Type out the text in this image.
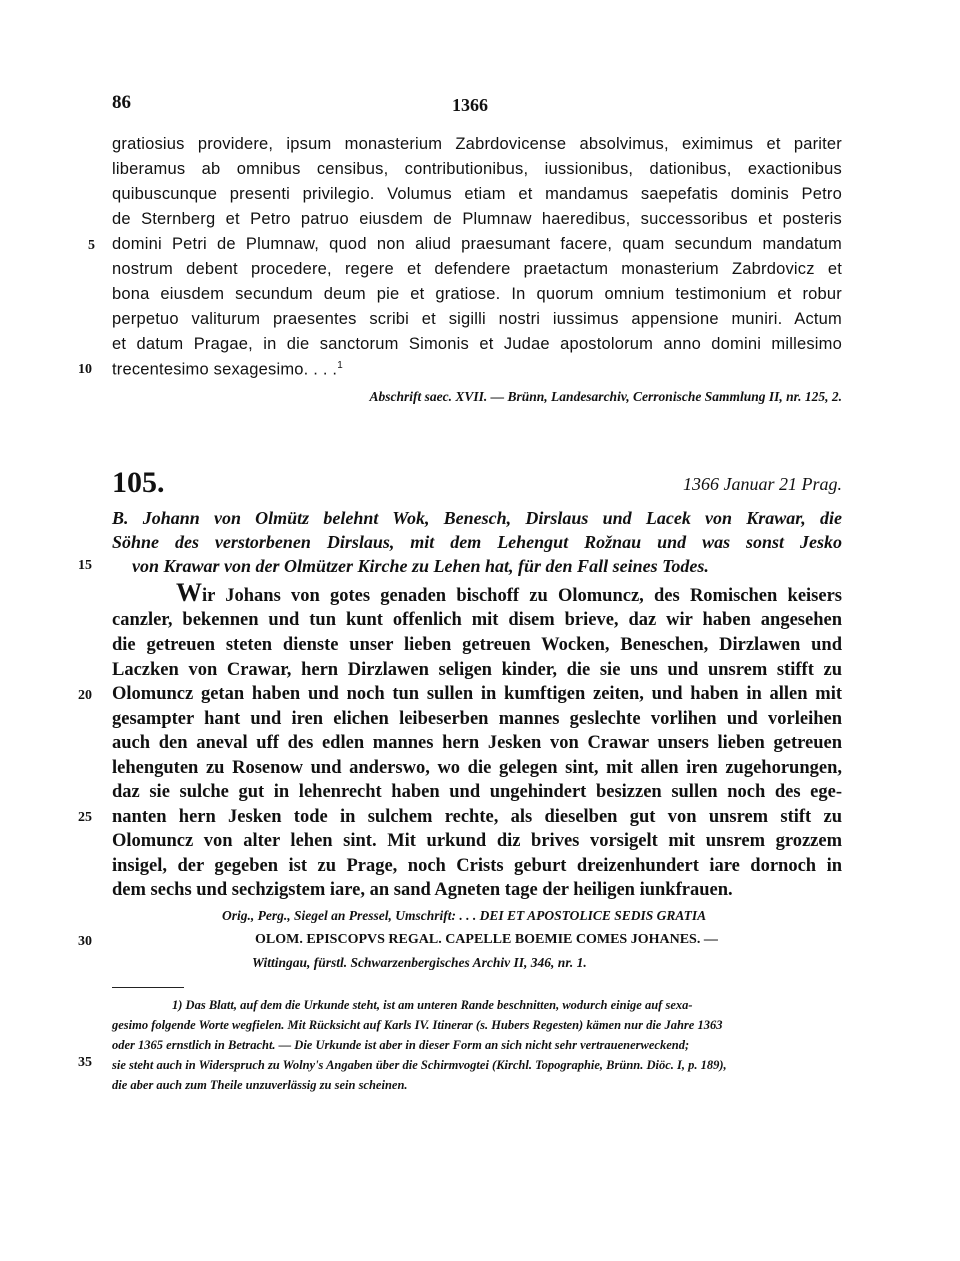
86	1366
gratiosius providere, ipsum monasterium Zabrdovicense absolvimus, eximimus et pariter
liberamus ab omnibus censibus, contributionibus, iussionibus, dationibus, exactionibus
quibuscunque presenti privilegio. Volumus etiam et mandamus saepefatis dominis Petro
de Sternberg et Petro patruo eiusdem de Plumnaw haeredibus, successoribus et posteris
domini Petri de Plumnaw, quod non aliud praesumant facere, quam secundum mandatum
nostrum debent procedere, regere et defendere praetactum monasterium Zabrdovicz et
bona eiusdem secundum deum pie et gratiose. In quorum omnium testimonium et robur
perpetuo valiturum praesentes scribi et sigilli nostri iussimus appensione muniri. Actum
et datum Pragae, in die sanctorum Simonis et Judae apostolorum anno domini millesimo
trecentesimo sexagesimo. . . .$^1$
Abschrift saec. XVII. — Brünn, Landesarchiv, Cerronische Sammlung II, nr. 125, 2.
105.	1366 Januar 21 Prag.
B. Johann von Olmütz belehnt Wok, Benesch, Dirslaus und Lacek von Krawar, die
Söhne des verstorbenen Dirslaus, mit dem Lehengut Rožnau und was sonst Jesko
von Krawar von der Olmützer Kirche zu Lehen hat, für den Fall seines Todes.
Wir Johans von gotes genaden bischoff zu Olomuncz, des Romischen keisers
canzler, bekennen und tun kunt offenlich mit disem brieve, daz wir haben angesehen
die getreuen steten dienste unser lieben getreuen Wocken, Beneschen, Dirzlawen und
Laczken von Crawar, hern Dirzlawen seligen kinder, die sie uns und unsrem stifft zu
Olomuncz getan haben und noch tun sullen in kumftigen zeiten, und haben in allen mit
gesampter hant und iren elichen leibeserben mannes geslechte vorlihen und vorleihen
auch den aneval uff des edlen mannes hern Jesken von Crawar unsers lieben getreuen
lehenguten zu Rosenow und anderswo, wo die gelegen sint, mit allen iren zugehorungen,
daz sie sulche gut in lehenrecht haben und ungehindert besizzen sullen noch des ege-
nanten hern Jesken tode in sulchem rechte, als dieselben gut von unsrem stift zu
Olomuncz von alter lehen sint. Mit urkund diz brives vorsigelt mit unsrem grozzem
insigel, der gegeben ist zu Prage, noch Crists geburt dreizenhundert iare dornoch in
dem sechs und sechzigstem iare, an sand Agneten tage der heiligen iunkfrauen.
Orig., Perg., Siegel an Pressel, Umschrift: . . . DEI ET APOSTOLICE SEDIS GRATIA
OLOM. EPISCOPVS REGAL. CAPELLE BOEMIE COMES JOHANES. —
Wittingau, fürstl. Schwarzenbergisches Archiv II, 346, nr. 1.
1) Das Blatt, auf dem die Urkunde steht, ist am unteren Rande beschnitten, wodurch einige auf sexa-
gesimo folgende Worte wegfielen. Mit Rücksicht auf Karls IV. Itinerar (s. Hubers Regesten) kämen nur die Jahre 1363
oder 1365 ernstlich in Betracht. — Die Urkunde ist aber in dieser Form an sich nicht sehr vertrauenerweckend;
sie steht auch in Widerspruch zu Wolny's Angaben über die Schirmvogtei (Kirchl. Topographie, Brünn. Diöc. I, p. 189),
die aber auch zum Theile unzuverlässig zu sein scheinen.
5
10
15
20
25
30
35
